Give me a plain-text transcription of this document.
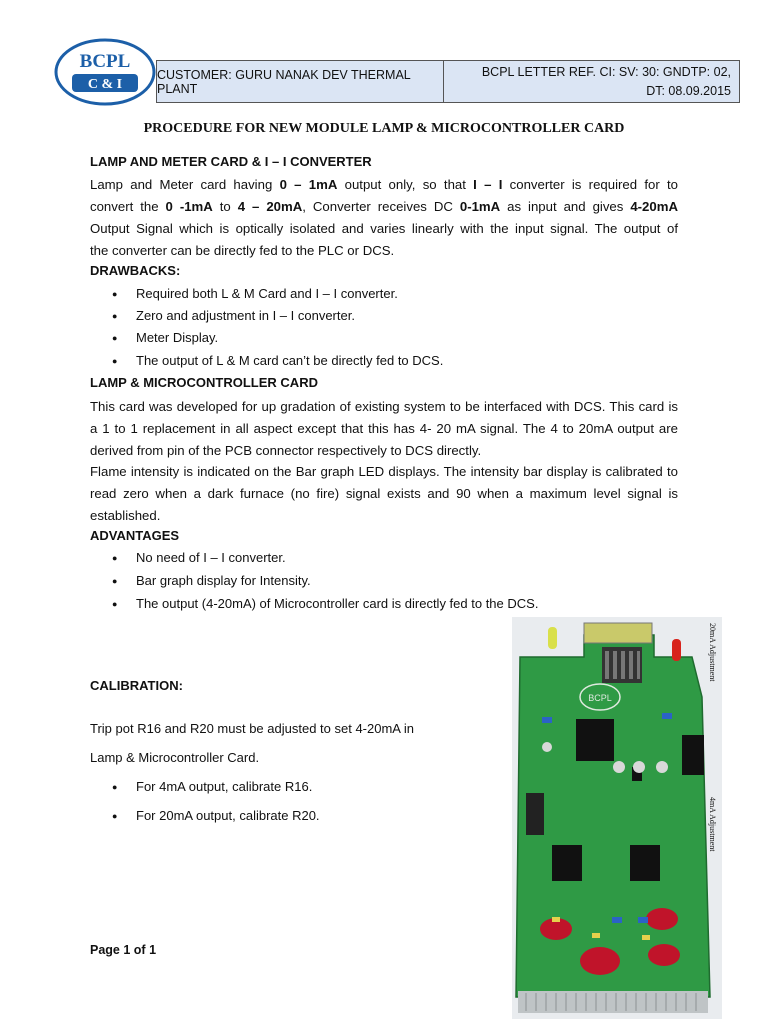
BCPL
C & I
CUSTOMER: GURU NANAK DEV THERMAL PLANT
BCPL LETTER REF. CI: SV: 30: GNDTP: 02,
DT: 08.09.2015
PROCEDURE FOR NEW MODULE LAMP & MICROCONTROLLER CARD
LAMP AND METER CARD & I – I CONVERTER
Lamp and Meter card having 0 – 1mA output only, so that I – I converter is required for to
convert the 0 -1mA to 4 – 20mA, Converter receives DC 0-1mA as input and gives 4-20mA
Output Signal which is optically isolated and varies linearly with the input signal. The output of
the converter can be directly fed to the PLC or DCS.
DRAWBACKS:
● Required both L & M Card and I – I converter.
● Zero and adjustment in I – I converter.
● Meter Display.
● The output of L & M card can’t be directly fed to DCS.
LAMP & MICROCONTROLLER CARD
This card was developed for up gradation of existing system to be interfaced with DCS. This card is a 1 to 1 replacement in all aspect except that this has 4- 20 mA signal. The 4 to 20mA output are derived from pin of the PCB connector respectively to DCS directly.
Flame intensity is indicated on the Bar graph LED displays. The intensity bar display is calibrated to read zero when a dark furnace (no fire) signal exists and 90 when a maximum level signal is established.
ADVANTAGES
● No need of I – I converter.
● Bar graph display for Intensity.
● The output (4-20mA) of Microcontroller card is directly fed to the DCS.
CALIBRATION:
Trip pot R16 and R20 must be adjusted to set 4-20mA in
Lamp & Microcontroller Card.
● For 4mA output, calibrate R16.
● For 20mA output, calibrate R20.
BCPL
20mA Adjustment
4mA Adjustment
Page 1 of 1
